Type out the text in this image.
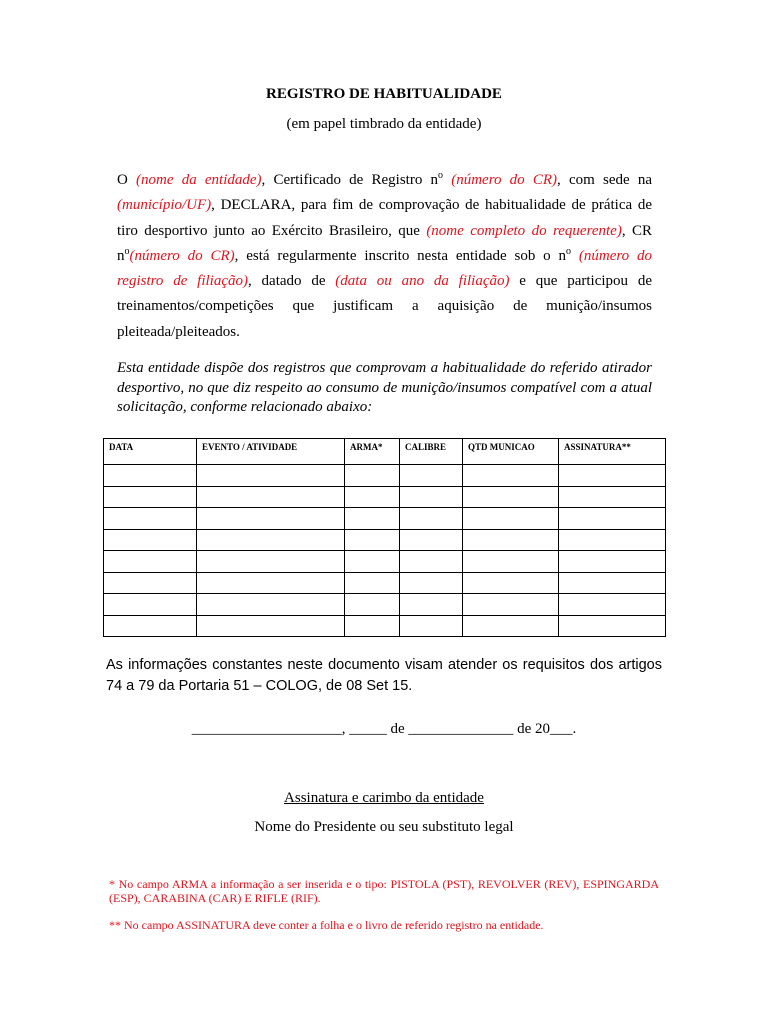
REGISTRO DE HABITUALIDADE
(em papel timbrado da entidade)
O (nome da entidade), Certificado de Registro $n^o$ (número do CR), com sede na (município/UF), DECLARA, para fim de comprovação de habitualidade de prática de tiro desportivo junto ao Exército Brasileiro, que (nome completo do requerente), CR $n^o(número$ do CR), está regularmente inscrito nesta entidade sob o $n^o$ (número do registro de filiação), datado de (data ou ano da filiação) e que participou de treinamentos/competições que justificam a aquisição de munição/insumos pleiteada/pleiteados.
Esta entidade dispõe dos registros que comprovam a habitualidade do referido atirador desportivo, no que diz respeito ao consumo de munição/insumos compatível com a atual solicitação, conforme relacionado abaixo:
DATA	EVENTO / ATIVIDADE	ARMA*	CALIBRE	QTD MUNICAO	ASSINATURA**

As informações constantes neste documento visam atender os requisitos dos artigos 74 a 79 da Portaria 51 – COLOG, de 08 Set 15.
____________________, _____ de ______________ de 20___.
Assinatura e carimbo da entidade
Nome do Presidente ou seu substituto legal
* No campo ARMA a informação a ser inserida e o tipo: PISTOLA (PST), REVOLVER (REV), ESPINGARDA (ESP), CARABINA (CAR) E RIFLE (RIF).
** No campo ASSINATURA deve conter a folha e o livro de referido registro na entidade.
